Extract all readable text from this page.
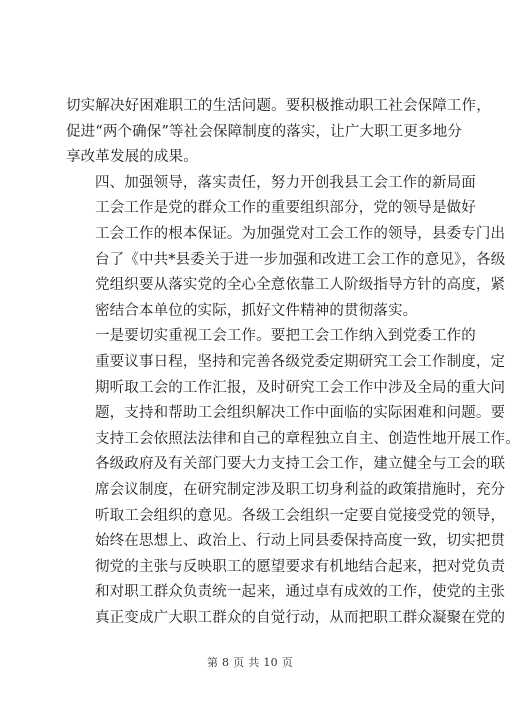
切实解决好困难职工的生活问题。要积极推动职工社会保障工作，
促进“两个确保”等社会保障制度的落实，让广大职工更多地分
享改革发展的成果。

四、加强领导，落实责任，努力开创我县工会工作的新局面

工会工作是党的群众工作的重要组织部分，党的领导是做好
工会工作的根本保证。为加强党对工会工作的领导，县委专门出
台了《中共*县委关于进一步加强和改进工会工作的意见》，各级
党组织要从落实党的全心全意依靠工人阶级指导方针的高度，紧
密结合本单位的实际，抓好文件精神的贯彻落实。

一是要切实重视工会工作。要把工会工作纳入到党委工作的
重要议事日程，坚持和完善各级党委定期研究工会工作制度，定
期听取工会的工作汇报，及时研究工会工作中涉及全局的重大问
题，支持和帮助工会组织解决工作中面临的实际困难和问题。要
支持工会依照法法律和自己的章程独立自主、创造性地开展工作。
各级政府及有关部门要大力支持工会工作，建立健全与工会的联
席会议制度，在研究制定涉及职工切身利益的政策措施时，充分
听取工会组织的意见。各级工会组织一定要自觉接受党的领导，
始终在思想上、政治上、行动上同县委保持高度一致，切实把贯
彻党的主张与反映职工的愿望要求有机地结合起来，把对党负责
和对职工群众负责统一起来，通过卓有成效的工作，使党的主张
真正变成广大职工群众的自觉行动，从而把职工群众凝聚在党的

第 8 页 共 10 页
